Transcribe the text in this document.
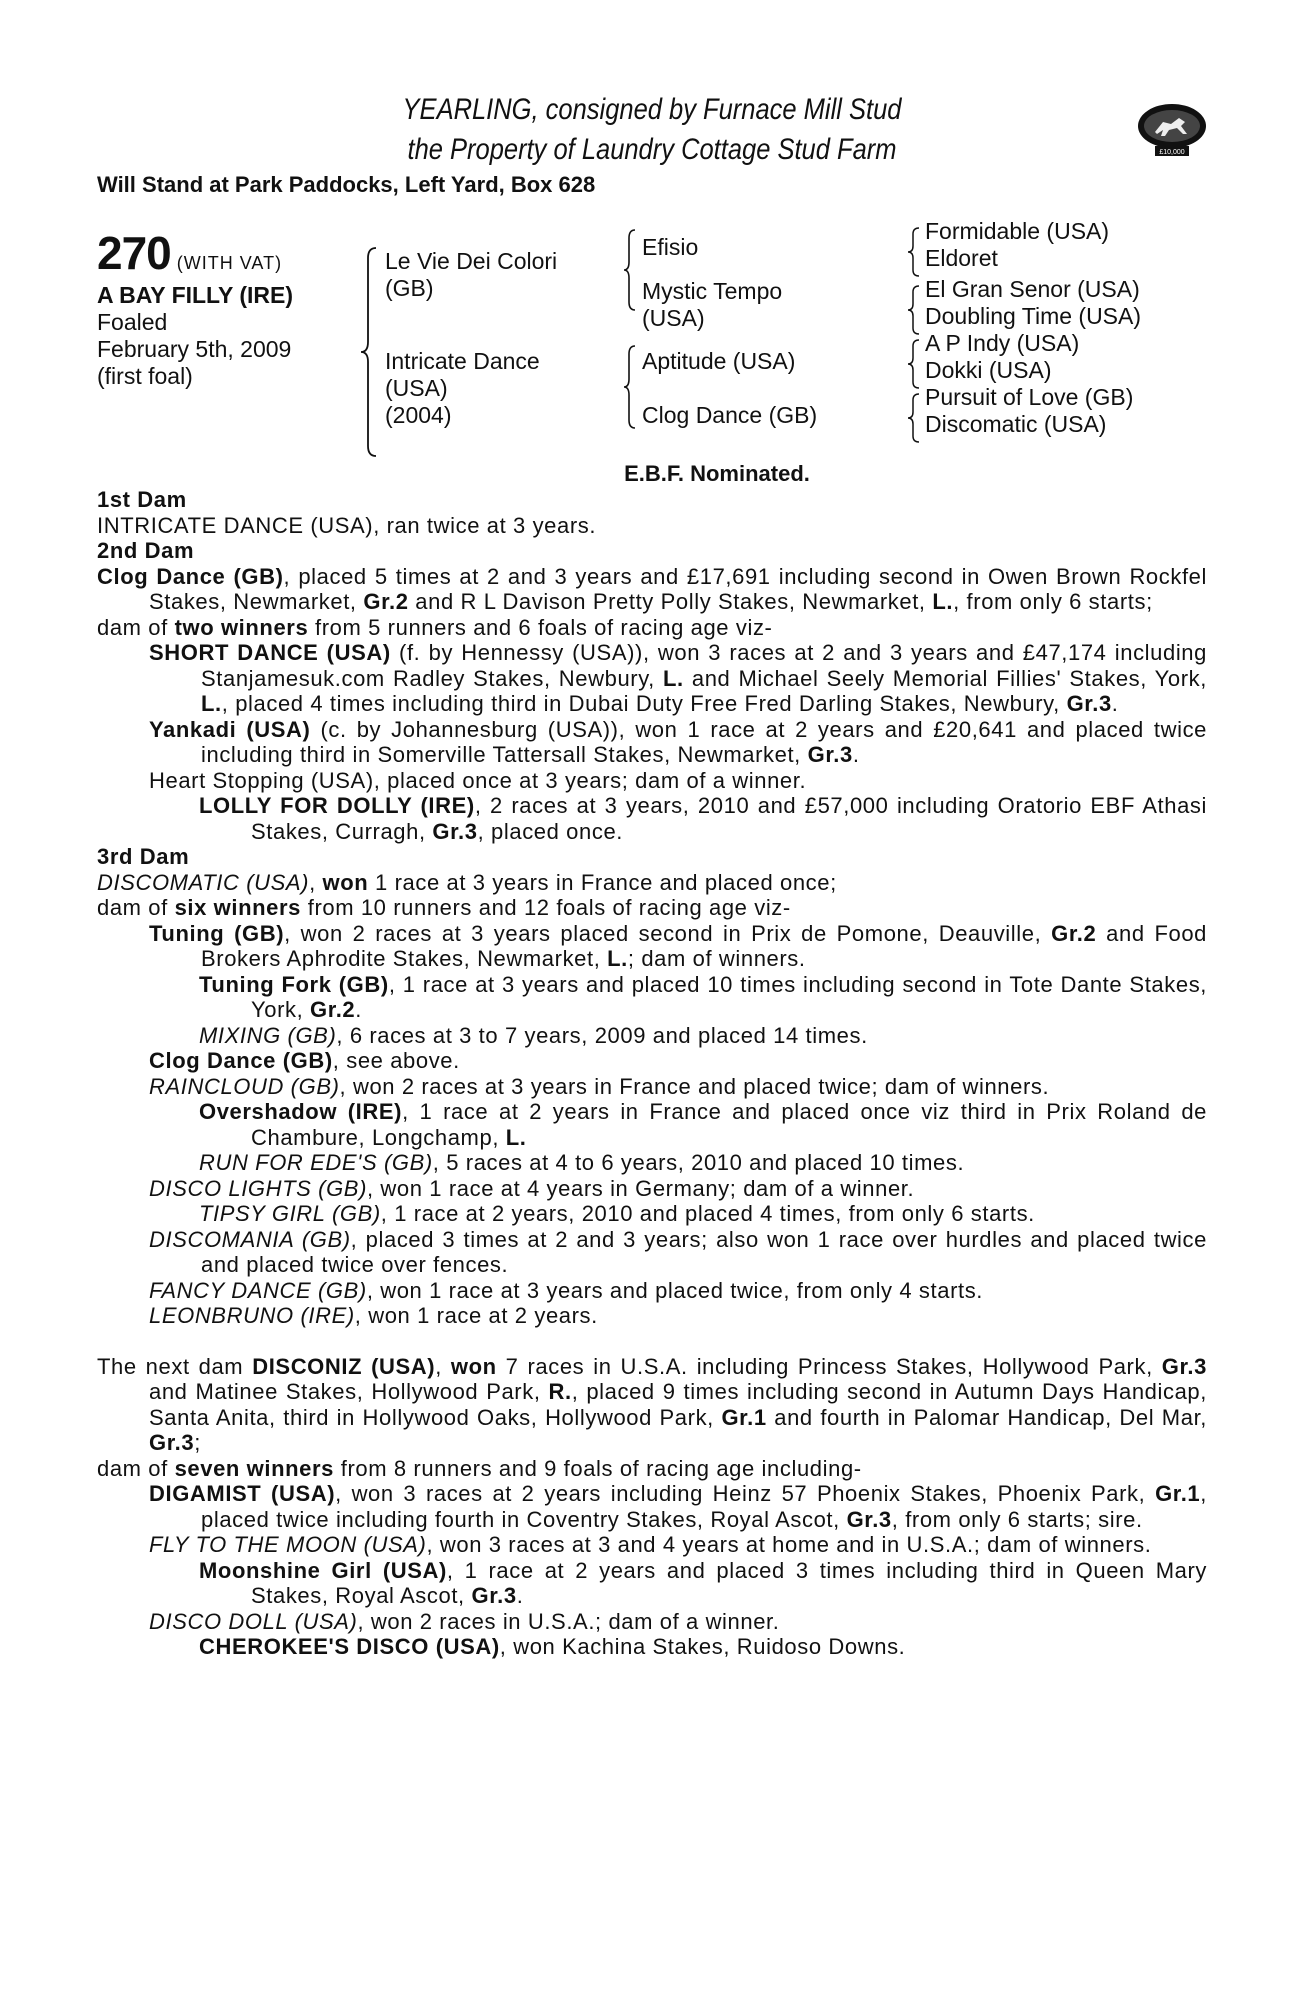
YEARLING, consigned by Furnace Mill Stud
the Property of Laundry Cottage Stud Farm
Will Stand at Park Paddocks, Left Yard, Box 628
£10,000
270 (WITH VAT)
A BAY FILLY (IRE)
Foaled
February 5th, 2009
(first foal)
Le Vie Dei Colori
(GB)
Intricate Dance
(USA)
(2004)
Efisio
Mystic Tempo
(USA)
Aptitude (USA)
Clog Dance (GB)
Formidable (USA)
Eldoret
El Gran Senor (USA)
Doubling Time (USA)
A P Indy (USA)
Dokki (USA)
Pursuit of Love (GB)
Discomatic (USA)
E.B.F. Nominated.

1st Dam

INTRICATE DANCE (USA), ran twice at 3 years.

2nd Dam

Clog Dance (GB), placed 5 times at 2 and 3 years and £17,691 including second in Owen Brown Rockfel Stakes, Newmarket, Gr.2 and R L Davison Pretty Polly Stakes, Newmarket, L., from only 6 starts;

dam of two winners from 5 runners and 6 foals of racing age viz-

SHORT DANCE (USA) (f. by Hennessy (USA)), won 3 races at 2 and 3 years and £47,174 including Stanjamesuk.com Radley Stakes, Newbury, L. and Michael Seely Memorial Fillies' Stakes, York, L., placed 4 times including third in Dubai Duty Free Fred Darling Stakes, Newbury, Gr.3.

Yankadi (USA) (c. by Johannesburg (USA)), won 1 race at 2 years and £20,641 and placed twice including third in Somerville Tattersall Stakes, Newmarket, Gr.3.

Heart Stopping (USA), placed once at 3 years; dam of a winner.

LOLLY FOR DOLLY (IRE), 2 races at 3 years, 2010 and £57,000 including Oratorio EBF Athasi Stakes, Curragh, Gr.3, placed once.

3rd Dam

DISCOMATIC (USA), won 1 race at 3 years in France and placed once;

dam of six winners from 10 runners and 12 foals of racing age viz-

Tuning (GB), won 2 races at 3 years placed second in Prix de Pomone, Deauville, Gr.2 and Food Brokers Aphrodite Stakes, Newmarket, L.; dam of winners.

Tuning Fork (GB), 1 race at 3 years and placed 10 times including second in Tote Dante Stakes, York, Gr.2.

MIXING (GB), 6 races at 3 to 7 years, 2009 and placed 14 times.

Clog Dance (GB), see above.

RAINCLOUD (GB), won 2 races at 3 years in France and placed twice; dam of winners.

Overshadow (IRE), 1 race at 2 years in France and placed once viz third in Prix Roland de Chambure, Longchamp, L.

RUN FOR EDE'S (GB), 5 races at 4 to 6 years, 2010 and placed 10 times.

DISCO LIGHTS (GB), won 1 race at 4 years in Germany; dam of a winner.

TIPSY GIRL (GB), 1 race at 2 years, 2010 and placed 4 times, from only 6 starts.

DISCOMANIA (GB), placed 3 times at 2 and 3 years; also won 1 race over hurdles and placed twice and placed twice over fences.

FANCY DANCE (GB), won 1 race at 3 years and placed twice, from only 4 starts.

LEONBRUNO (IRE), won 1 race at 2 years.

The next dam DISCONIZ (USA), won 7 races in U.S.A. including Princess Stakes, Hollywood Park, Gr.3 and Matinee Stakes, Hollywood Park, R., placed 9 times including second in Autumn Days Handicap, Santa Anita, third in Hollywood Oaks, Hollywood Park, Gr.1 and fourth in Palomar Handicap, Del Mar, Gr.3;

dam of seven winners from 8 runners and 9 foals of racing age including-

DIGAMIST (USA), won 3 races at 2 years including Heinz 57 Phoenix Stakes, Phoenix Park, Gr.1, placed twice including fourth in Coventry Stakes, Royal Ascot, Gr.3, from only 6 starts; sire.

FLY TO THE MOON (USA), won 3 races at 3 and 4 years at home and in U.S.A.; dam of winners.

Moonshine Girl (USA), 1 race at 2 years and placed 3 times including third in Queen Mary Stakes, Royal Ascot, Gr.3.

DISCO DOLL (USA), won 2 races in U.S.A.; dam of a winner.

CHEROKEE'S DISCO (USA), won Kachina Stakes, Ruidoso Downs.
